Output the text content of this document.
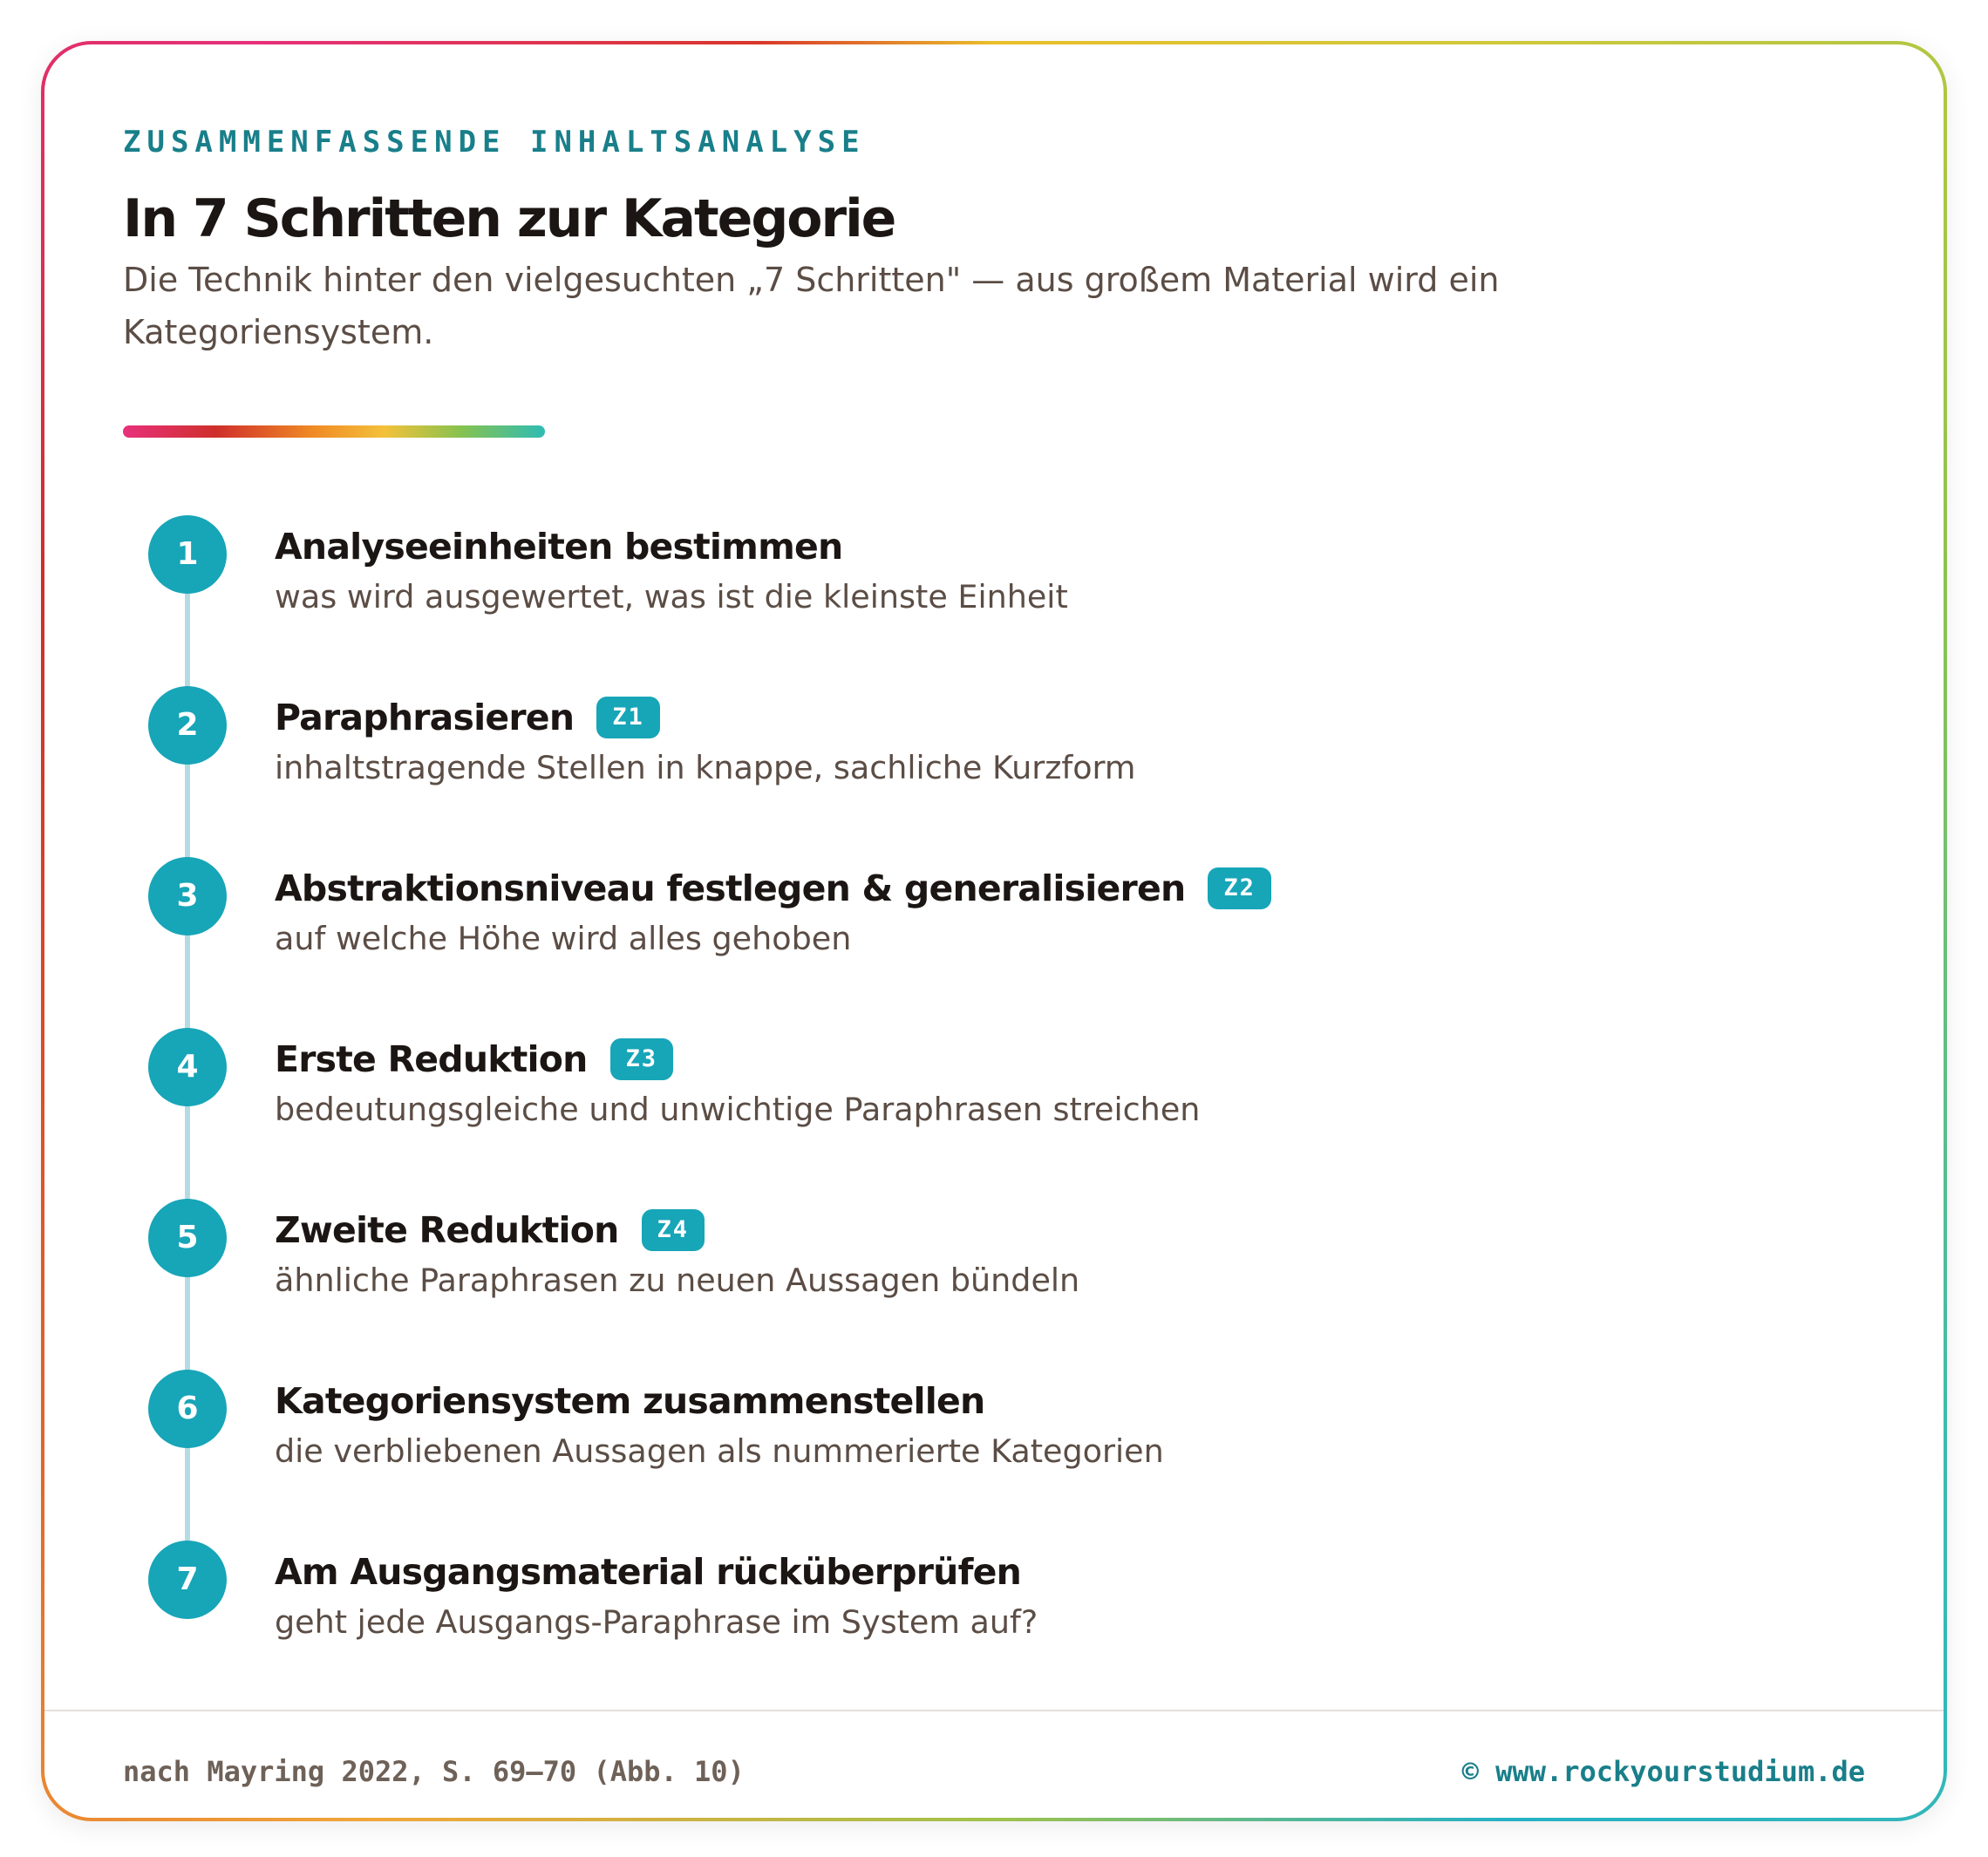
ZUSAMMENFASSENDE INHALTSANALYSE
In 7 Schritten zur Kategorie
Die Technik hinter den vielgesuchten „7 Schritten" — aus großem Material wird ein Kategoriensystem.
1	Analyseeinheiten bestimmen
was wird ausgewertet, was ist die kleinste Einheit
2	Paraphrasieren	Z1
inhaltstragende Stellen in knappe, sachliche Kurzform
3	Abstraktionsniveau festlegen & generalisieren	Z2
auf welche Höhe wird alles gehoben
4	Erste Reduktion	Z3
bedeutungsgleiche und unwichtige Paraphrasen streichen
5	Zweite Reduktion	Z4
ähnliche Paraphrasen zu neuen Aussagen bündeln
6	Kategoriensystem zusammenstellen
die verbliebenen Aussagen als nummerierte Kategorien
7	Am Ausgangsmaterial rücküberprüfen
geht jede Ausgangs-Paraphrase im System auf?
nach Mayring 2022, S. 69–70 (Abb. 10)	© www.rockyourstudium.de
